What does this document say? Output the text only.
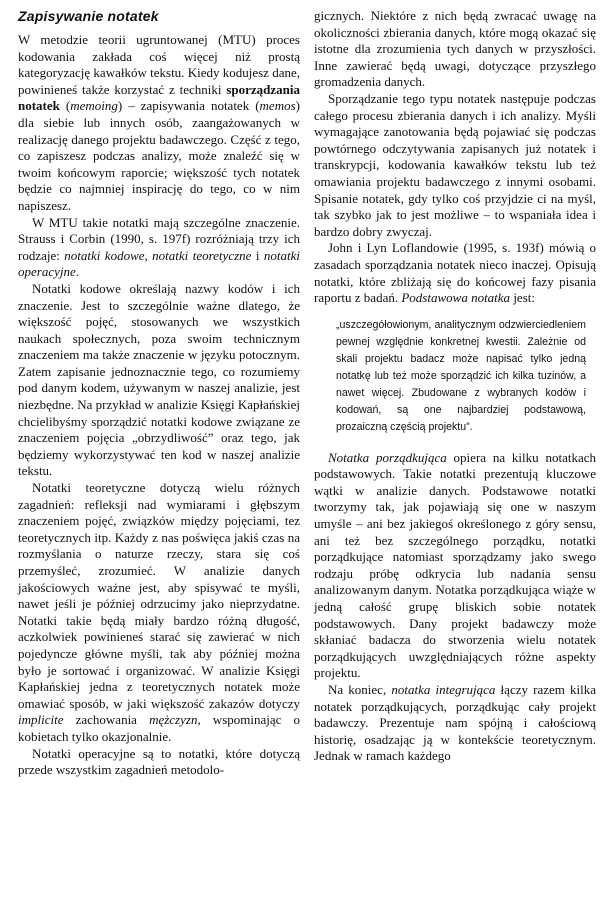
Zapisywanie notatek
W metodzie teorii ugruntowanej (MTU) proces kodowania zakłada coś więcej niż prostą kategoryzację kawałków tekstu. Kiedy kodujesz dane, powinieneś także korzystać z techniki sporządzania notatek (memoing) – zapisywania notatek (memos) dla siebie lub innych osób, zaangażowanych w realizację danego projektu badawczego. Część z tego, co zapiszesz podczas analizy, może znaleźć się w twoim końcowym raporcie; większość tych notatek będzie co najmniej inspirację do tego, co w nim napiszesz.
W MTU takie notatki mają szczególne znaczenie. Strauss i Corbin (1990, s. 197f) rozróżniają trzy ich rodzaje: notatki kodowe, notatki teoretyczne i notatki operacyjne.
Notatki kodowe określają nazwy kodów i ich znaczenie. Jest to szczególnie ważne dlatego, że większość pojęć, stosowanych we wszystkich naukach społecznych, poza swoim technicznym znaczeniem ma także znaczenie w języku potocznym. Zatem zapisanie jednoznacznie tego, co rozumiemy pod danym kodem, używanym w naszej analizie, jest niezbędne. Na przykład w analizie Księgi Kapłańskiej chcielibyśmy sporządzić notatki kodowe związane ze znaczeniem pojęcia „obrzydliwość” oraz tego, jak będziemy wykorzystywać ten kod w naszej analizie tekstu.
Notatki teoretyczne dotyczą wielu różnych zagadnień: refleksji nad wymiarami i głębszym znaczeniem pojęć, związków między pojęciami, tez teoretycznych itp. Każdy z nas poświęca jakiś czas na rozmyślania o naturze rzeczy, stara się coś przemyśleć, zrozumieć. W analizie danych jakościowych ważne jest, aby spisywać te myśli, nawet jeśli je później odrzucimy jako nieprzydatne. Notatki takie będą miały bardzo różną długość, aczkolwiek powinieneś starać się zawierać w nich pojedyncze główne myśli, tak aby później można było je sortować i organizować. W analizie Księgi Kapłańskiej jedna z teoretycznych notatek może omawiać sposób, w jaki większość zakazów dotyczy implicite zachowania mężczyzn, wspominając o kobietach tylko okazjonalnie.
Notatki operacyjne są to notatki, które dotyczą przede wszystkim zagadnień metodolo-
gicznych. Niektóre z nich będą zwracać uwagę na okoliczności zbierania danych, które mogą okazać się istotne dla zrozumienia tych danych w przyszłości. Inne zawierać będą uwagi, dotyczące przyszłego gromadzenia danych.
Sporządzanie tego typu notatek następuje podczas całego procesu zbierania danych i ich analizy. Myśli wymagające zanotowania będą pojawiać się podczas powtórnego odczytywania zapisanych już notatek i transkrypcji, kodowania kawałków tekstu lub też omawiania projektu badawczego z innymi osobami. Spisanie notatek, gdy tylko coś przyjdzie ci na myśl, tak szybko jak to jest możliwe – to wspaniała idea i bardzo dobry zwyczaj.
John i Lyn Loflandowie (1995, s. 193f) mówią o zasadach sporządzania notatek nieco inaczej. Opisują notatki, które zbliżają się do końcowej fazy pisania raportu z badań. Podstawowa notatka jest:
„uszczegółowionym, analitycznym odzwierciedleniem pewnej względnie konkretnej kwestii. Zależnie od skali projektu badacz może napisać tylko jedną notatkę lub też może sporządzić ich kilka tuzinów, a nawet więcej. Zbudowane z wybranych kodów i kodowań, są one najbardziej podstawową, prozaiczną częścią projektu”.
Notatka porządkująca opiera na kilku notatkach podstawowych. Takie notatki prezentują kluczowe wątki w analizie danych. Podstawowe notatki tworzymy tak, jak pojawiają się one w naszym umyśle – ani bez jakiegoś określonego z góry sensu, ani też bez szczególnego porządku, notatki porządkujące natomiast sporządzamy jako swego rodzaju próbę odkrycia lub nadania sensu analizowanym danym. Notatka porządkująca wiąże w jedną całość grupę bliskich sobie notatek podstawowych. Dany projekt badawczy może skłaniać badacza do stworzenia wielu notatek porządkujących uwzględniających różne aspekty projektu.
Na koniec, notatka integrująca łączy razem kilka notatek porządkujących, porządkując cały projekt badawczy. Prezentuje nam spójną i całościową historię, osadzając ją w kontekście teoretycznym. Jednak w ramach każdego
